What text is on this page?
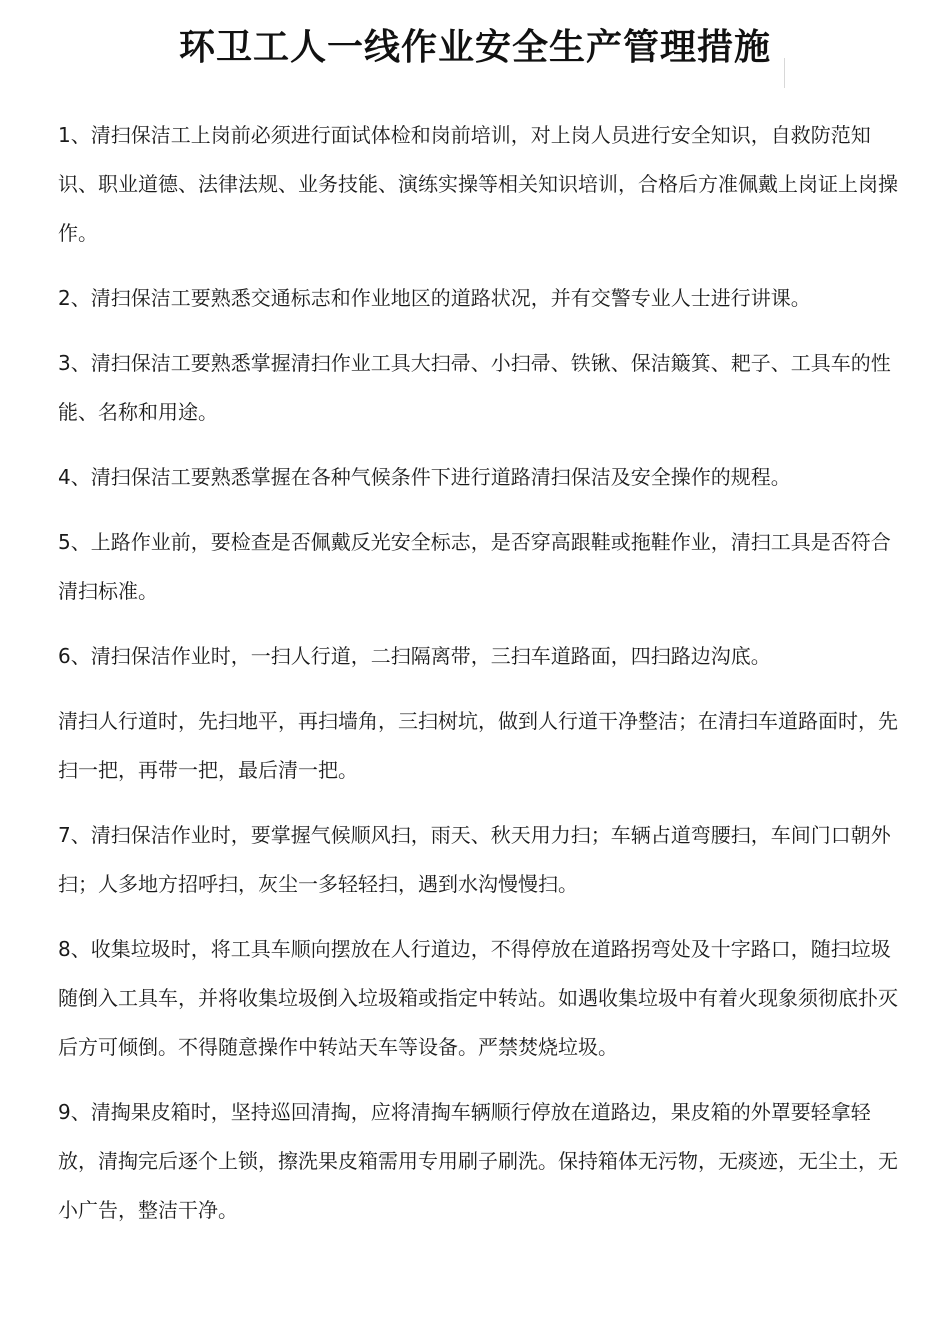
环卫工人一线作业安全生产管理措施

1、清扫保洁工上岗前必须进行面试体检和岗前培训，对上岗人员进行安全知识，自救防范知识、职业道德、法律法规、业务技能、演练实操等相关知识培训，合格后方准佩戴上岗证上岗操作。

2、清扫保洁工要熟悉交通标志和作业地区的道路状况，并有交警专业人士进行讲课。

3、清扫保洁工要熟悉掌握清扫作业工具大扫帚、小扫帚、铁锹、保洁簸箕、耙子、工具车的性能、名称和用途。

4、清扫保洁工要熟悉掌握在各种气候条件下进行道路清扫保洁及安全操作的规程。

5、上路作业前，要检查是否佩戴反光安全标志，是否穿高跟鞋或拖鞋作业，清扫工具是否符合清扫标准。

6、清扫保洁作业时，一扫人行道，二扫隔离带，三扫车道路面，四扫路边沟底。

清扫人行道时，先扫地平，再扫墙角，三扫树坑，做到人行道干净整洁；在清扫车道路面时，先扫一把，再带一把，最后清一把。

7、清扫保洁作业时，要掌握气候顺风扫，雨天、秋天用力扫；车辆占道弯腰扫，车间门口朝外扫；人多地方招呼扫，灰尘一多轻轻扫，遇到水沟慢慢扫。

8、收集垃圾时，将工具车顺向摆放在人行道边，不得停放在道路拐弯处及十字路口，随扫垃圾随倒入工具车，并将收集垃圾倒入垃圾箱或指定中转站。如遇收集垃圾中有着火现象须彻底扑灭后方可倾倒。不得随意操作中转站天车等设备。严禁焚烧垃圾。

9、清掏果皮箱时，坚持巡回清掏，应将清掏车辆顺行停放在道路边，果皮箱的外罩要轻拿轻放，清掏完后逐个上锁，擦洗果皮箱需用专用刷子刷洗。保持箱体无污物，无痰迹，无尘土，无小广告，整洁干净。
